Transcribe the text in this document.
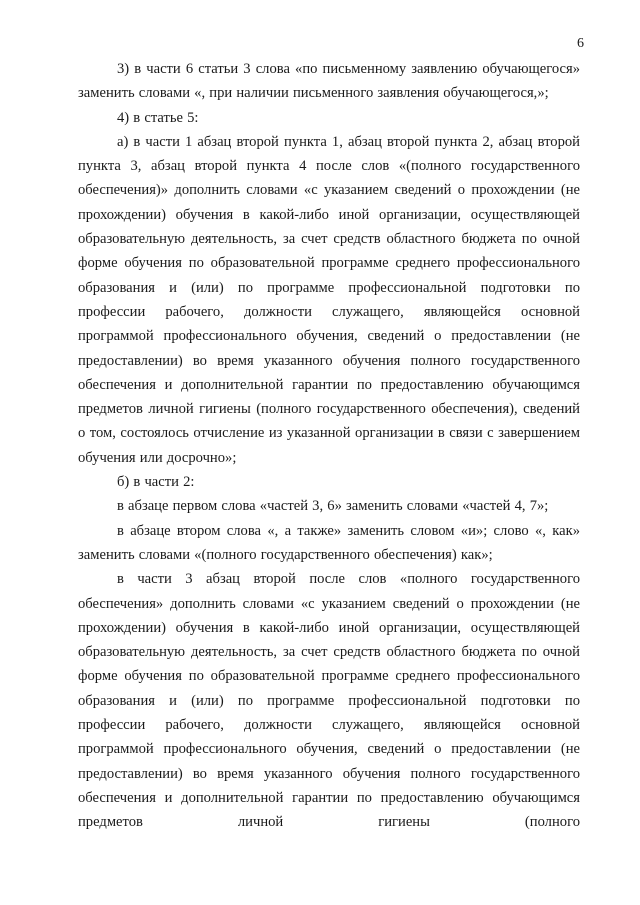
6

3) в части 6 статьи 3 слова «по письменному заявлению обучающегося» заменить словами «, при наличии письменного заявления обучающегося,»;

4) в статье 5:

а) в части 1 абзац второй пункта 1, абзац второй пункта 2, абзац второй пункта 3, абзац второй пункта 4 после слов «(полного государственного обеспечения)» дополнить словами «с указанием сведений о прохождении (не прохождении) обучения в какой-либо иной организации, осуществляющей образовательную деятельность, за счет средств областного бюджета по очной форме обучения по образовательной программе среднего профессионального образования и (или) по программе профессиональной подготовки по профессии рабочего, должности служащего, являющейся основной программой профессионального обучения, сведений о предоставлении (не предоставлении) во время указанного обучения полного государственного обеспечения и дополнительной гарантии по предоставлению обучающимся предметов личной гигиены (полного государственного обеспечения), сведений о том, состоялось отчисление из указанной организации в связи с завершением обучения или досрочно»;

б) в части 2:

в абзаце первом слова «частей 3, 6» заменить словами «частей 4, 7»;

в абзаце втором слова «, а также» заменить словом «и»; слово «, как» заменить словами «(полного государственного обеспечения) как»;

в части 3 абзац второй после слов «полного государственного обеспечения» дополнить словами «с указанием сведений о прохождении (не прохождении) обучения в какой-либо иной организации, осуществляющей образовательную деятельность, за счет средств областного бюджета по очной форме обучения по образовательной программе среднего профессионального образования и (или) по программе профессиональной подготовки по профессии рабочего, должности служащего, являющейся основной программой профессионального обучения, сведений о предоставлении (не предоставлении) во время указанного обучения полного государственного обеспечения и дополнительной гарантии по предоставлению обучающимся предметов личной гигиены (полного
